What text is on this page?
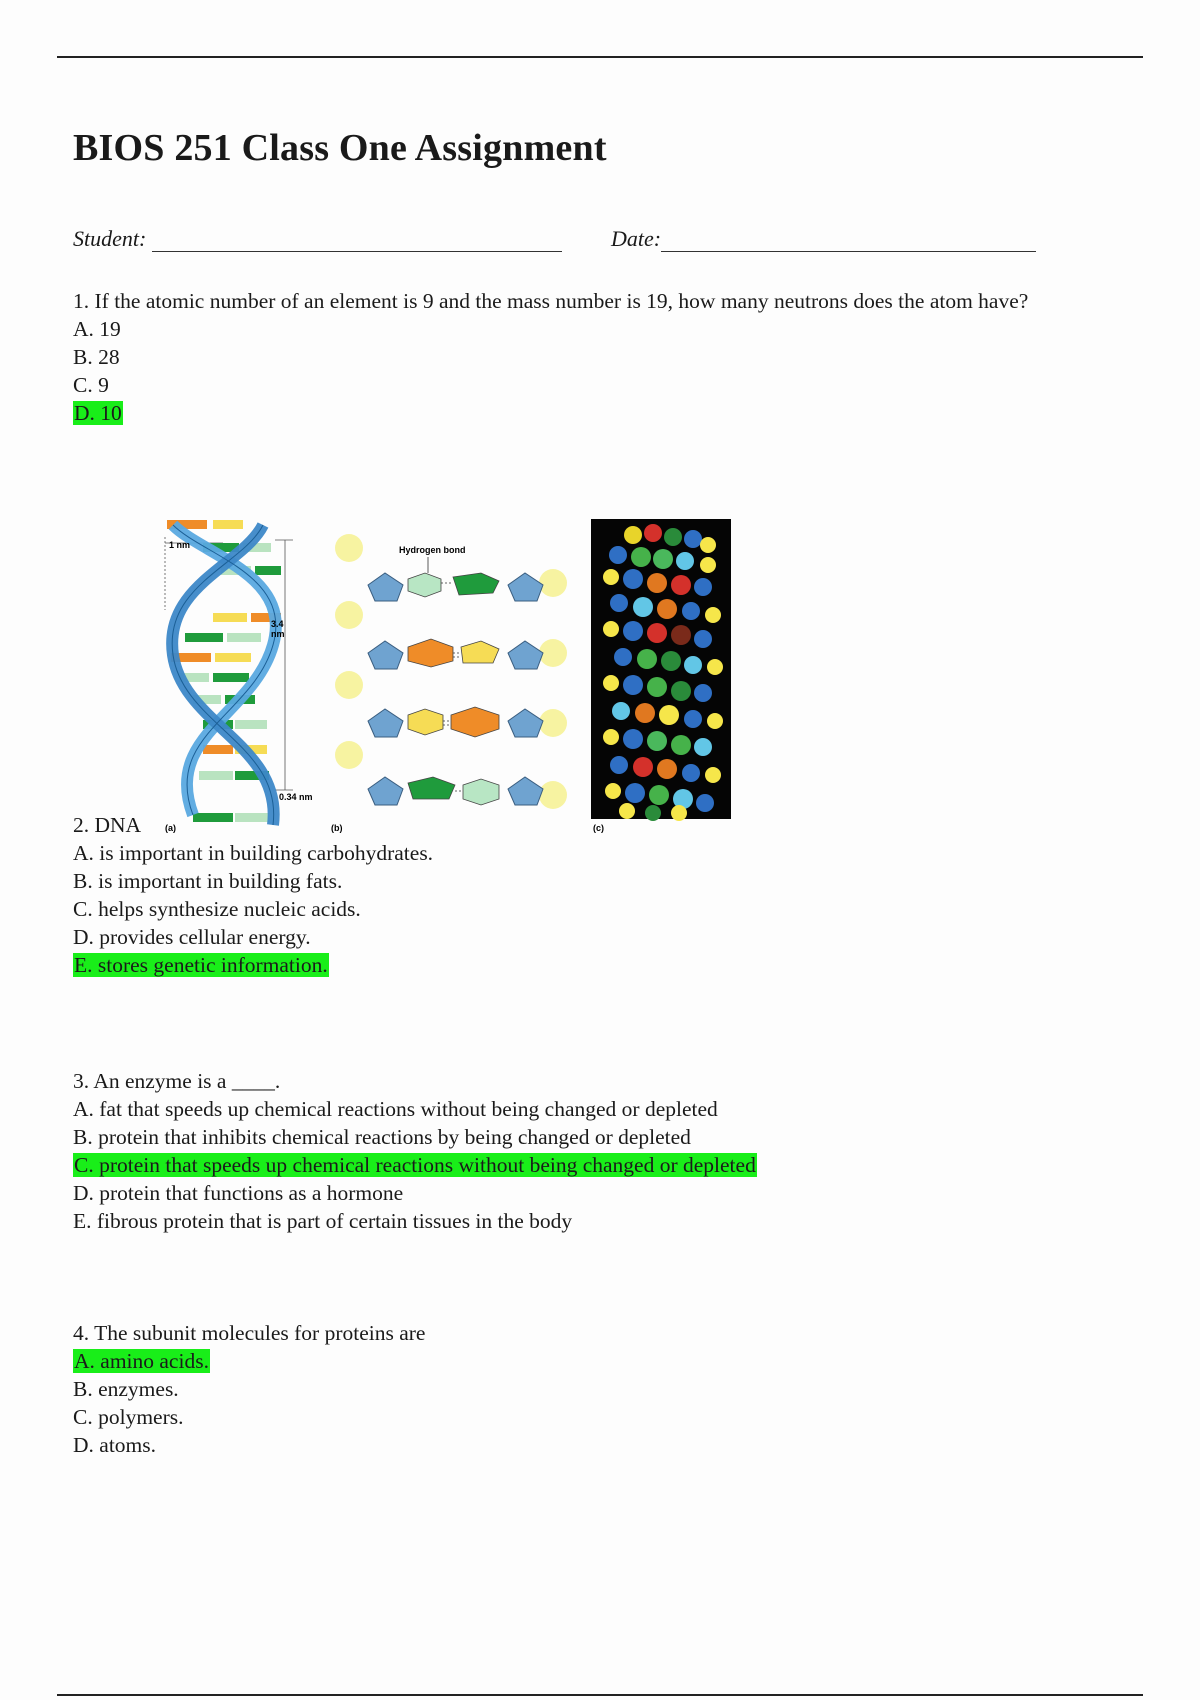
BIOS 251 Class One Assignment
Student:	Date:
1. If the atomic number of an element is 9 and the mass number is 19, how many neutrons does the atom have?
A. 19
B. 28
C. 9
D. 10
1 nm
3.4
nm
0.34 nm
Hydrogen bond
(a)	(b)	(c)
2. DNA
A. is important in building carbohydrates.
B. is important in building fats.
C. helps synthesize nucleic acids.
D. provides cellular energy.
E. stores genetic information.
3. An enzyme is a ____.
A. fat that speeds up chemical reactions without being changed or depleted
B. protein that inhibits chemical reactions by being changed or depleted
C. protein that speeds up chemical reactions without being changed or depleted
D. protein that functions as a hormone
E. fibrous protein that is part of certain tissues in the body
4. The subunit molecules for proteins are
A. amino acids.
B. enzymes.
C. polymers.
D. atoms.
